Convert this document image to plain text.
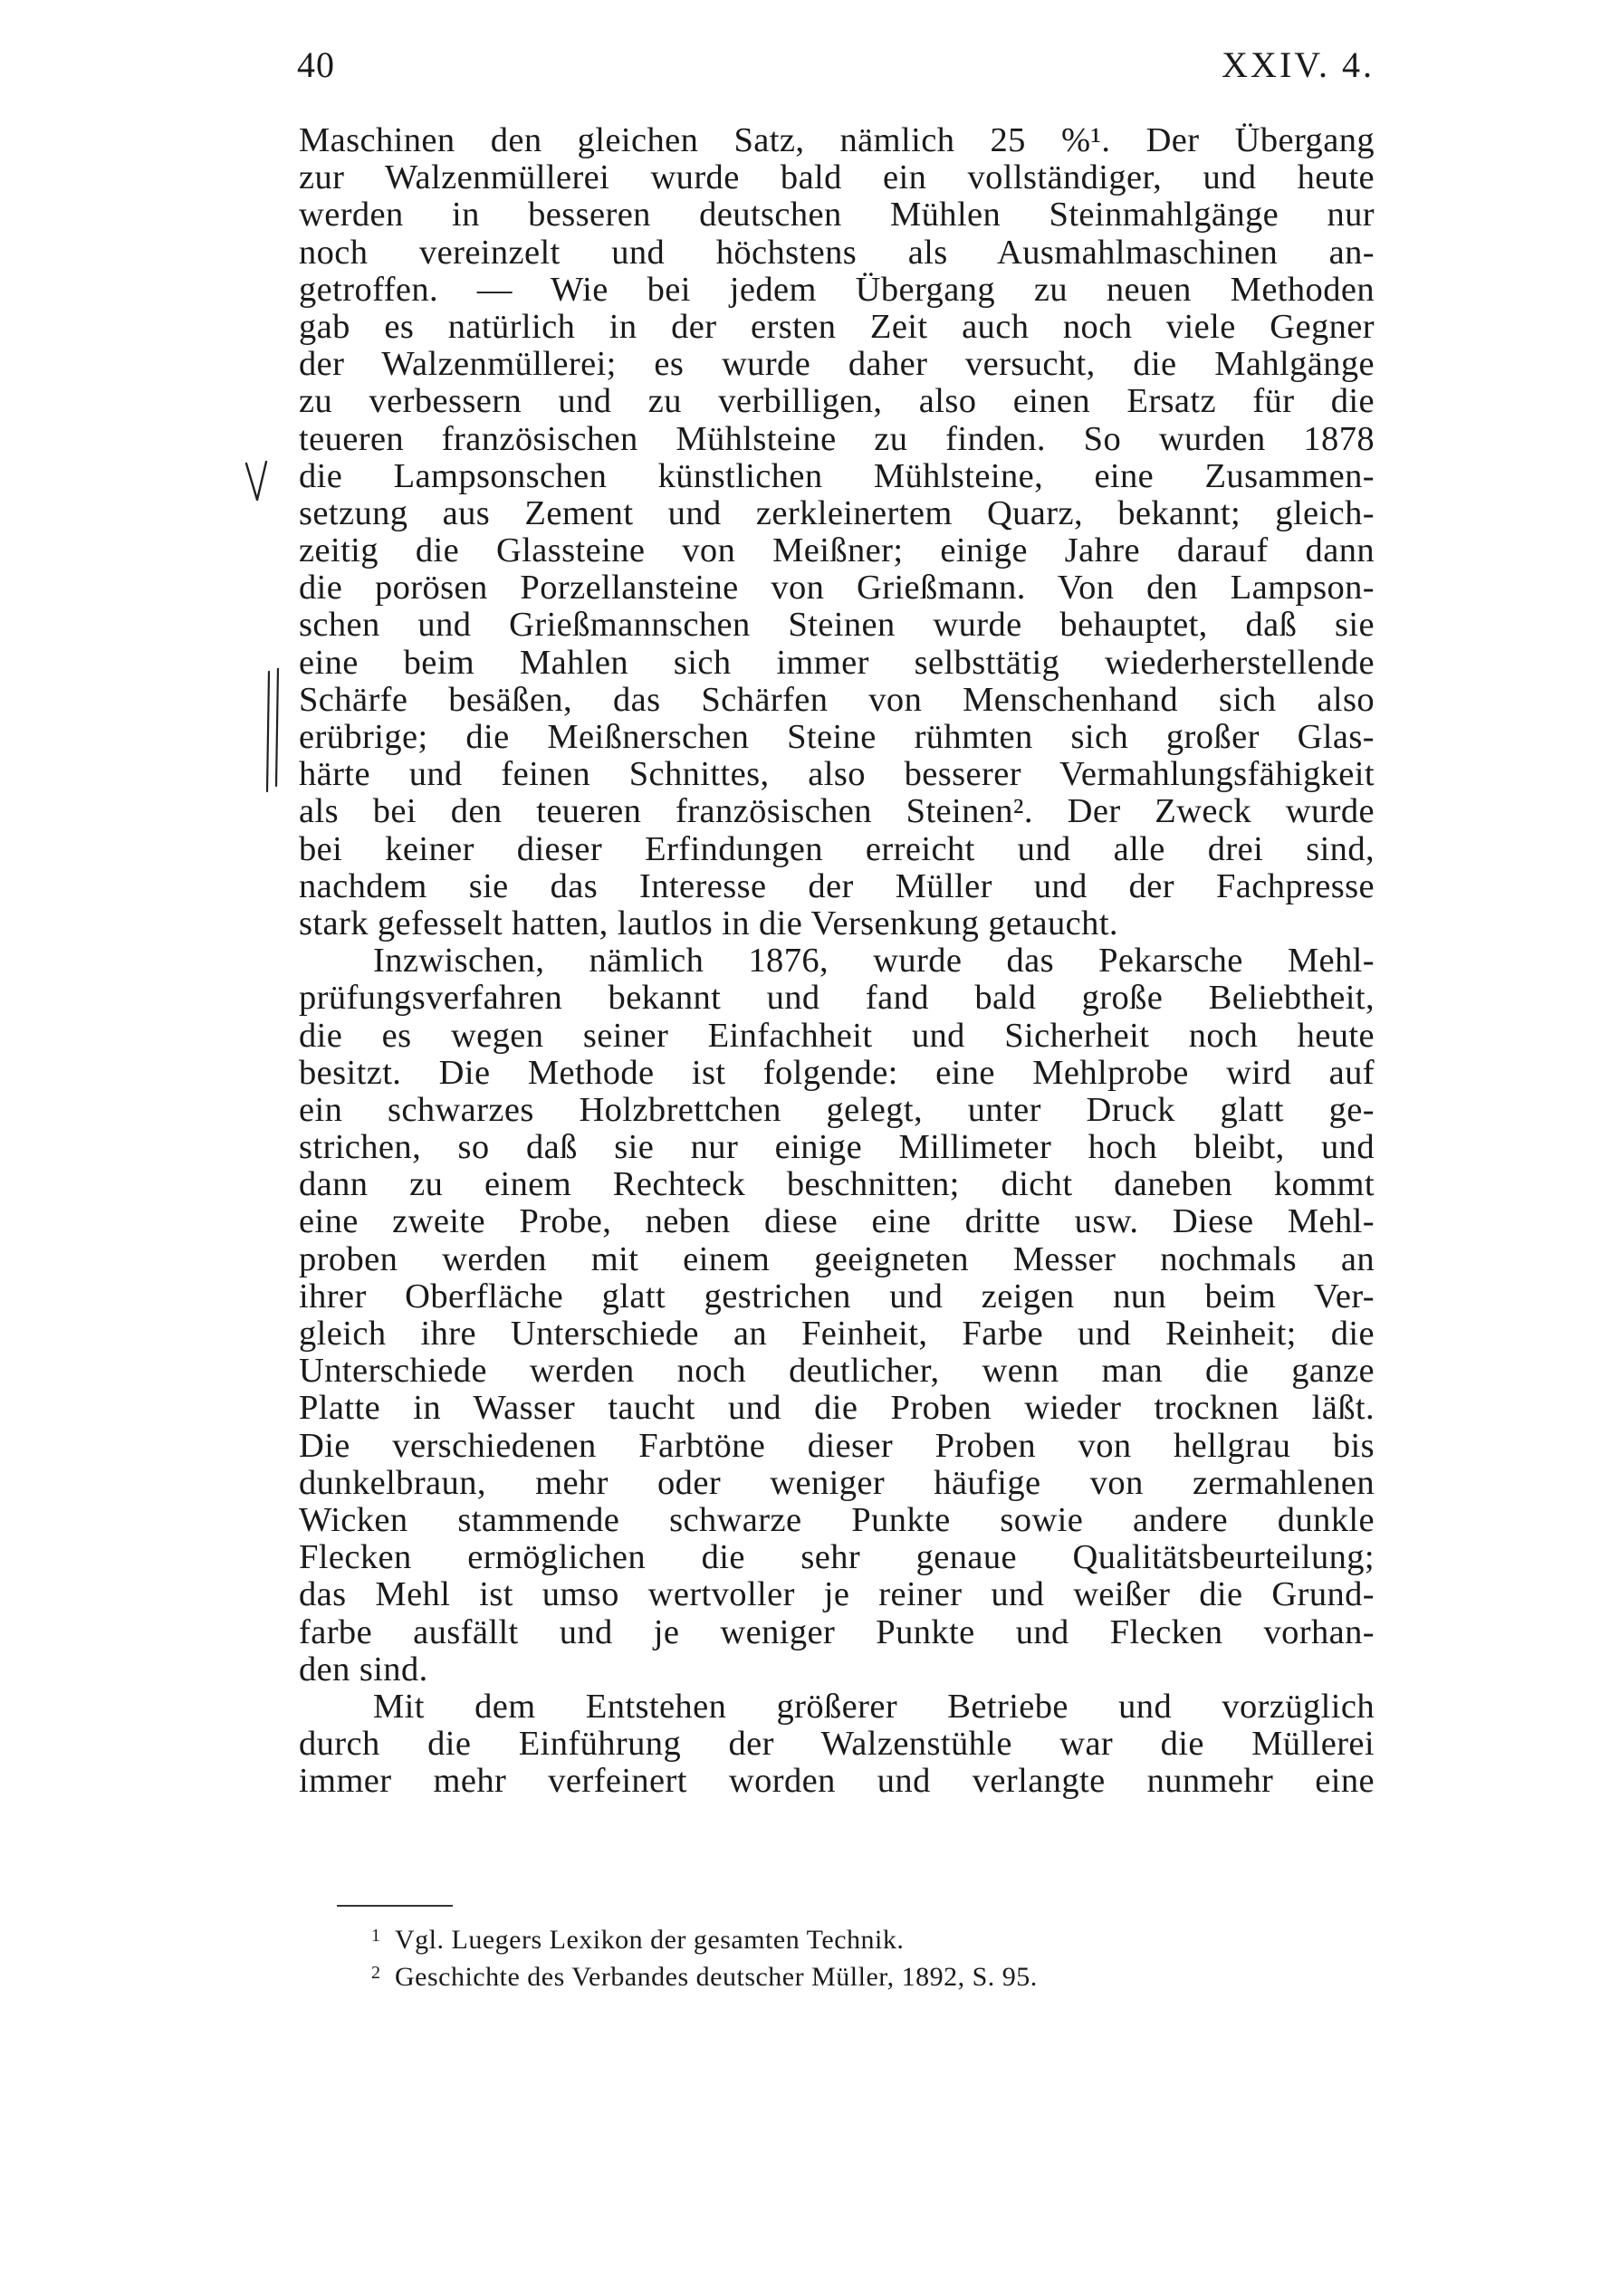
40	XXIV. 4.
Maschinen den gleichen Satz, nämlich 25 %¹. Der Übergang
zur Walzenmüllerei wurde bald ein vollständiger, und heute
werden in besseren deutschen Mühlen Steinmahlgänge nur
noch vereinzelt und höchstens als Ausmahlmaschinen an-
getroffen. — Wie bei jedem Übergang zu neuen Methoden
gab es natürlich in der ersten Zeit auch noch viele Gegner
der Walzenmüllerei; es wurde daher versucht, die Mahlgänge
zu verbessern und zu verbilligen, also einen Ersatz für die
teueren französischen Mühlsteine zu finden. So wurden 1878
die Lampsonschen künstlichen Mühlsteine, eine Zusammen-
setzung aus Zement und zerkleinertem Quarz, bekannt; gleich-
zeitig die Glassteine von Meißner; einige Jahre darauf dann
die porösen Porzellansteine von Grießmann. Von den Lampson-
schen und Grießmannschen Steinen wurde behauptet, daß sie
eine beim Mahlen sich immer selbsttätig wiederherstellende
Schärfe besäßen, das Schärfen von Menschenhand sich also
erübrige; die Meißnerschen Steine rühmten sich großer Glas-
härte und feinen Schnittes, also besserer Vermahlungsfähigkeit
als bei den teueren französischen Steinen². Der Zweck wurde
bei keiner dieser Erfindungen erreicht und alle drei sind,
nachdem sie das Interesse der Müller und der Fachpresse
stark gefesselt hatten, lautlos in die Versenkung getaucht.
Inzwischen, nämlich 1876, wurde das Pekarsche Mehl-
prüfungsverfahren bekannt und fand bald große Beliebtheit,
die es wegen seiner Einfachheit und Sicherheit noch heute
besitzt. Die Methode ist folgende: eine Mehlprobe wird auf
ein schwarzes Holzbrettchen gelegt, unter Druck glatt ge-
strichen, so daß sie nur einige Millimeter hoch bleibt, und
dann zu einem Rechteck beschnitten; dicht daneben kommt
eine zweite Probe, neben diese eine dritte usw. Diese Mehl-
proben werden mit einem geeigneten Messer nochmals an
ihrer Oberfläche glatt gestrichen und zeigen nun beim Ver-
gleich ihre Unterschiede an Feinheit, Farbe und Reinheit; die
Unterschiede werden noch deutlicher, wenn man die ganze
Platte in Wasser taucht und die Proben wieder trocknen läßt.
Die verschiedenen Farbtöne dieser Proben von hellgrau bis
dunkelbraun, mehr oder weniger häufige von zermahlenen
Wicken stammende schwarze Punkte sowie andere dunkle
Flecken ermöglichen die sehr genaue Qualitätsbeurteilung;
das Mehl ist umso wertvoller je reiner und weißer die Grund-
farbe ausfällt und je weniger Punkte und Flecken vorhan-
den sind.
Mit dem Entstehen größerer Betriebe und vorzüglich
durch die Einführung der Walzenstühle war die Müllerei
immer mehr verfeinert worden und verlangte nunmehr eine
1 Vgl. Luegers Lexikon der gesamten Technik.
2 Geschichte des Verbandes deutscher Müller, 1892, S. 95.
